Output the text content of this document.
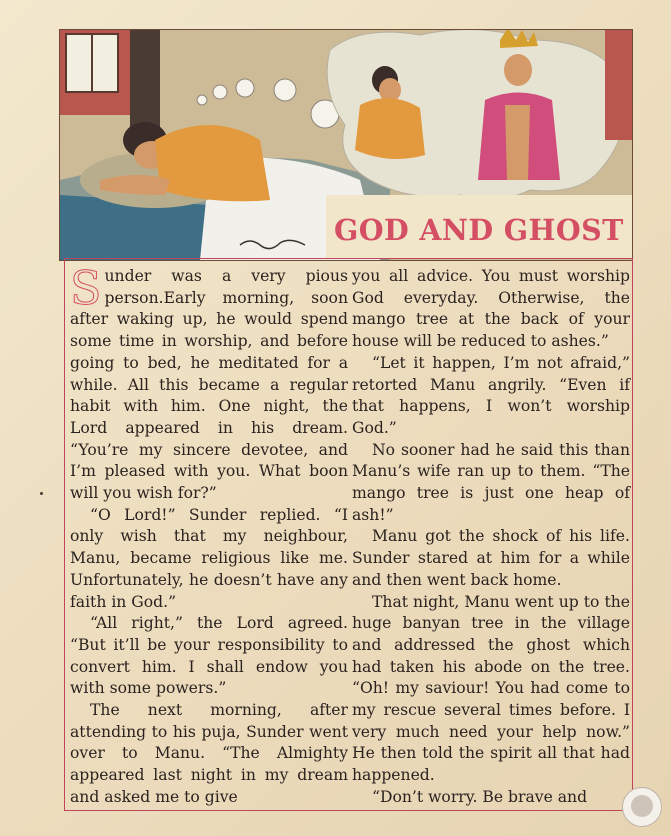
GOD AND GHOST

Sunder was a very pious person.Early morning, soon after waking up, he would spend some time in worship, and before going to bed, he meditated for a while. All this became a regular habit with him. One night, the Lord appeared in his dream. “You’re my sincere devotee, and I’m pleased with you. What boon will you wish for?”

“O Lord!” Sunder replied. “I only wish that my neighbour, Manu, became religious like me. Unfortunately, he doesn’t have any faith in God.”

“All right,” the Lord agreed. “But it’ll be your responsibility to convert him. I shall endow you with some powers.”

The next morning, after attending to his puja, Sunder went over to Manu. “The Almighty appeared last night in my dream and asked me to give

you all advice. You must worship God everyday. Otherwise, the mango tree at the back of your house will be reduced to ashes.”

“Let it happen, I’m not afraid,” retorted Manu angrily. “Even if that happens, I won’t worship God.”

No sooner had he said this than Manu’s wife ran up to them. “The mango tree is just one heap of ash!”

Manu got the shock of his life. Sunder stared at him for a while and then went back home.

That night, Manu went up to the huge banyan tree in the village and addressed the ghost which had taken his abode on the tree. “Oh! my saviour! You had come to my rescue several times before. I very much need your help now.” He then told the spirit all that had happened.

“Don’t worry. Be brave and
